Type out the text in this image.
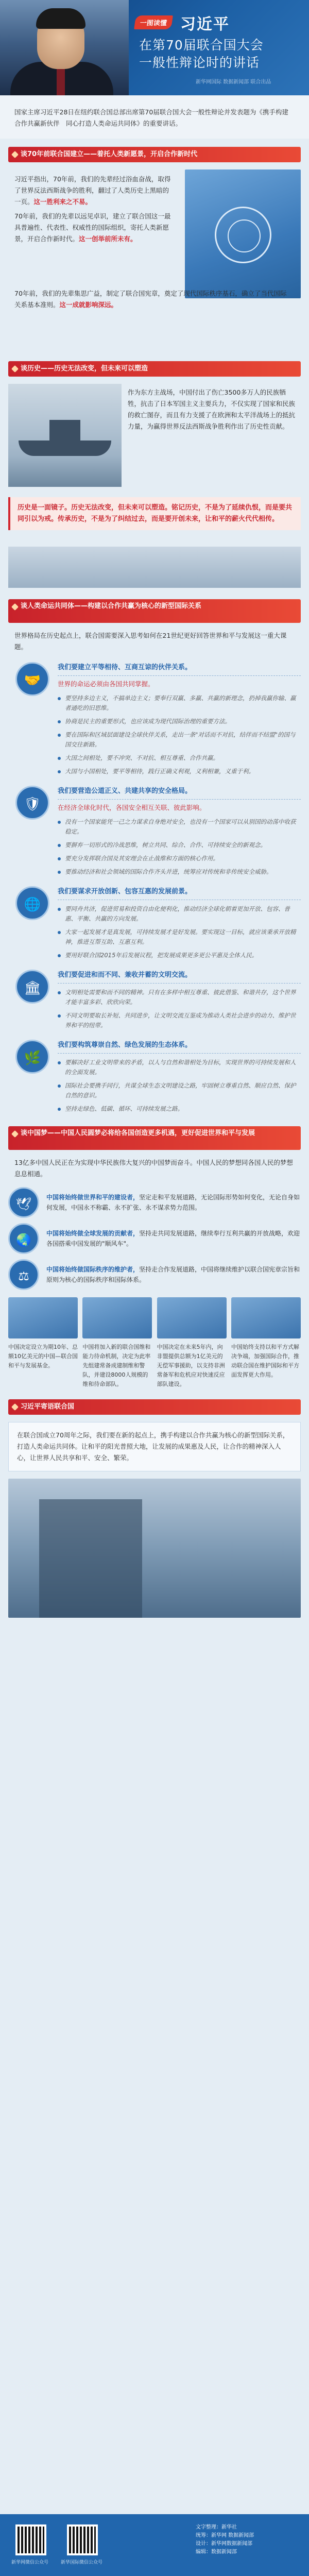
一图读懂 习近平
在第70届联合国大会
一般性辩论时的讲话
新华网国际 数据新闻部 联合出品
国家主席习近平28日在纽约联合国总部出席第70届联合国大会一般性辩论并发表题为《携手构建合作共赢新伙伴　同心打造人类命运共同体》的重要讲话。
谈70年前联合国建立——着托人类新愿景，开启合作新时代

习近平指出，70年前，我们的先辈经过浴血奋战，取得了世界反法西斯战争的胜利，翻过了人类历史上黑暗的一页。这一胜利来之不易。

70年前，我们的先辈以远见卓识，建立了联合国这一最具普遍性、代表性、权威性的国际组织，寄托人类新愿景，开启合作新时代。这一创举前所未有。

70年前，我们的先辈集思广益，制定了联合国宪章，奠定了现代国际秩序基石，确立了当代国际关系基本准则。这一成就影响深远。

谈历史——历史无法改变，但未来可以塑造
作为东方主战场，中国付出了伤亡3500多万人的民族牺牲，抗击了日本军国主义主要兵力，不仅实现了国家和民族的救亡图存，而且有力支援了在欧洲和太平洋战场上的抵抗力量，为赢得世界反法西斯战争胜利作出了历史性贡献。
历史是一面镜子。历史无法改变，但未来可以塑造。铭记历史，不是为了延续仇恨，而是要共同引以为戒。传承历史，不是为了纠结过去，而是要开创未来，让和平的薪火代代相传。
谈人类命运共同体——构建以合作共赢为核心的新型国际关系
世界格局在历史起点上，联合国需要深入思考如何在21世纪更好回答世界和平与发展这一重大课题。
🤝
我们要建立平等相待、互商互谅的伙伴关系。
世界的命运必须由各国共同掌握。
要坚持多边主义，不搞单边主义；要奉行双赢、多赢、共赢的新理念，扔掉我赢你输、赢者通吃的旧思维。
协商是民主的重要形式，也应该成为现代国际治理的重要方法。
要在国际和区域层面建设全球伙伴关系，走出一条"对话而不对抗，结伴而不结盟"的国与国交往新路。
大国之间相处，要不冲突、不对抗、相互尊重、合作共赢。
大国与小国相处，要平等相待，践行正确义利观，义利相兼，义重于利。
🛡
我们要营造公道正义、共建共享的安全格局。
在经济全球化时代，各国安全相互关联、彼此影响。
没有一个国家能凭一己之力谋求自身绝对安全，也没有一个国家可以从别国的动荡中收获稳定。
要摒弃一切形式的冷战思维，树立共同、综合、合作、可持续安全的新观念。
要充分发挥联合国及其安理会在止战维和方面的核心作用。
要推动经济和社会领域的国际合作齐头并进，统筹应对传统和非传统安全威胁。
🌐
我们要谋求开放创新、包容互惠的发展前景。
要同舟共济，促进贸易和投资自由化便利化，推动经济全球化朝着更加开放、包容、普惠、平衡、共赢的方向发展。
大家一起发展才是真发展，可持续发展才是好发展。要实现这一目标，就应该秉承开放精神，推进互帮互助、互惠互利。
要用好联合国2015年后发展议程，把发展成果更多更公平惠及全体人民。
🏛
我们要促进和而不同、兼收并蓄的文明交流。
文明相处需要和而不同的精神。只有在多样中相互尊重、彼此借鉴、和谐共存，这个世界才能丰富多彩、欣欣向荣。
不同文明要取长补短、共同进步，让文明交流互鉴成为推动人类社会进步的动力、维护世界和平的纽带。
🌿
我们要构筑尊崇自然、绿色发展的生态体系。
要解决好工业文明带来的矛盾，以人与自然和谐相处为目标，实现世界的可持续发展和人的全面发展。
国际社会要携手同行，共谋全球生态文明建设之路，牢固树立尊重自然、顺应自然、保护自然的意识。
坚持走绿色、低碳、循环、可持续发展之路。
谈中国梦——中国人民圆梦必将给各国创造更多机遇，更好促进世界和平与发展
13亿多中国人民正在为实现中华民族伟大复兴的中国梦而奋斗。中国人民的梦想同各国人民的梦想息息相通。
🕊	中国将始终做世界和平的建设者，坚定走和平发展道路，无论国际形势如何变化，无论自身如何发展，中国永不称霸、永不扩张、永不谋求势力范围。
🌏	中国将始终做全球发展的贡献者，坚持走共同发展道路，继续奉行互利共赢的开放战略，欢迎各国搭乘中国发展的"顺风车"。
⚖	中国将始终做国际秩序的维护者，坚持走合作发展道路，中国将继续维护以联合国宪章宗旨和原则为核心的国际秩序和国际体系。
中国决定设立为期10年、总额10亿美元的中国—联合国和平与发展基金。
中国将加入新的联合国维和能力待命机制，决定为此率先组建常备成建制维和警队，并建设8000人规模的维和待命部队。
中国决定在未来5年内，向非盟提供总额为1亿美元的无偿军事援助，以支持非洲常备军和危机应对快速反应部队建设。
中国始终支持以和平方式解决争端，加强国际合作，推动联合国在维护国际和平方面发挥更大作用。
习近平寄语联合国
在联合国成立70周年之际，我们要在新的起点上，携手构建以合作共赢为核心的新型国际关系，打造人类命运共同体。让和平的阳光普照大地，让发展的成果惠及人民，让合作的精神深入人心，让世界人民共享和平、安全、繁荣。
新华网微信公众号	新华国际微信公众号
文字整理：新华社
统筹：新华网 数据新闻部
设计：新华网数据新闻部
编辑：数据新闻部
